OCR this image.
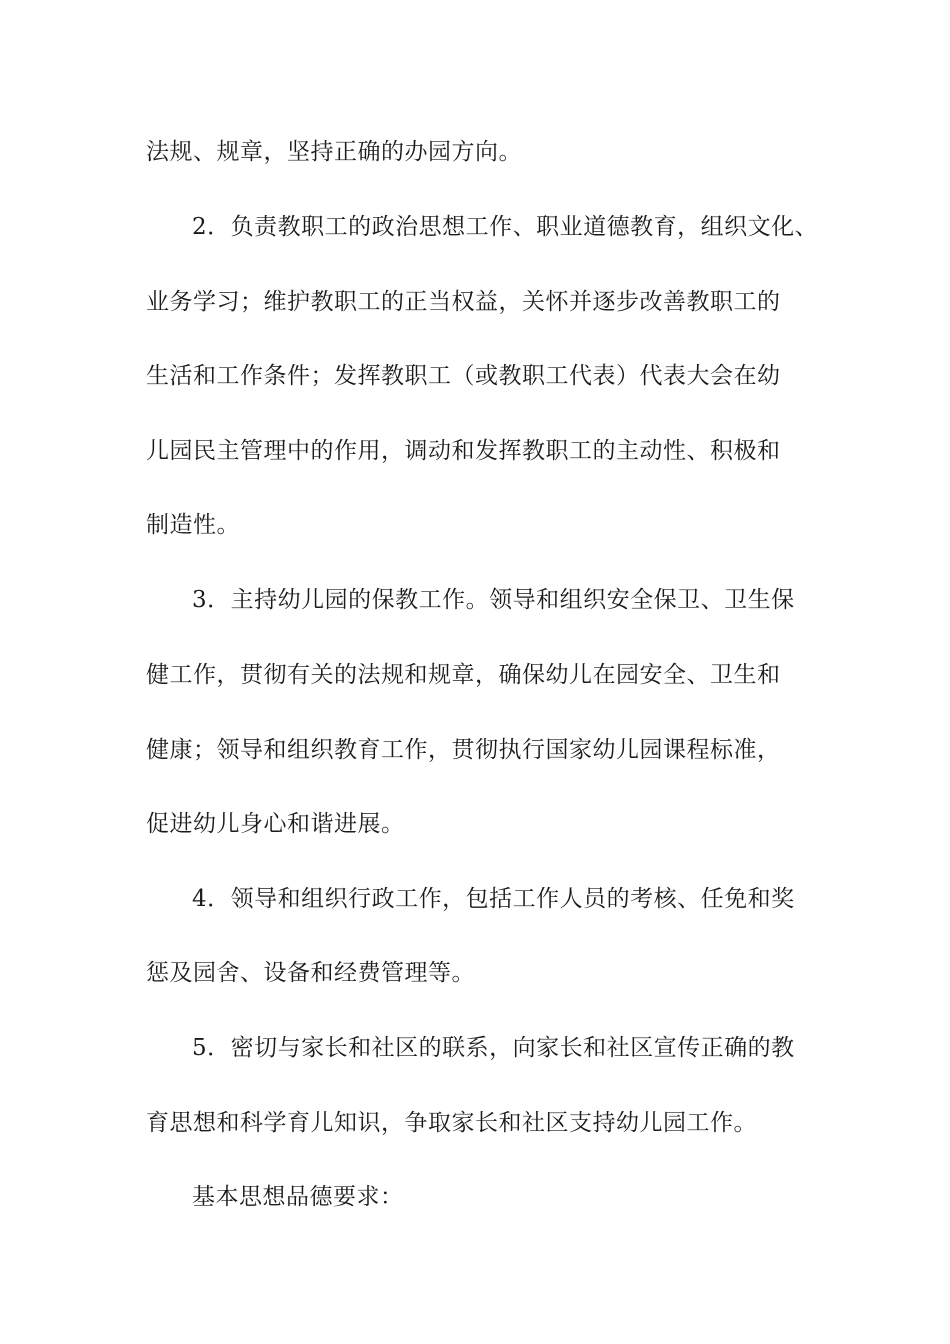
法规、规章，坚持正确的办园方向。

2．负责教职工的政治思想工作、职业道德教育，组织文化、

业务学习；维护教职工的正当权益，关怀并逐步改善教职工的

生活和工作条件；发挥教职工（或教职工代表）代表大会在幼

儿园民主管理中的作用，调动和发挥教职工的主动性、积极和

制造性。

3．主持幼儿园的保教工作。领导和组织安全保卫、卫生保

健工作，贯彻有关的法规和规章，确保幼儿在园安全、卫生和

健康；领导和组织教育工作，贯彻执行国家幼儿园课程标准，

促进幼儿身心和谐进展。

4．领导和组织行政工作，包括工作人员的考核、任免和奖

惩及园舍、设备和经费管理等。

5．密切与家长和社区的联系，向家长和社区宣传正确的教

育思想和科学育儿知识，争取家长和社区支持幼儿园工作。

基本思想品德要求：
